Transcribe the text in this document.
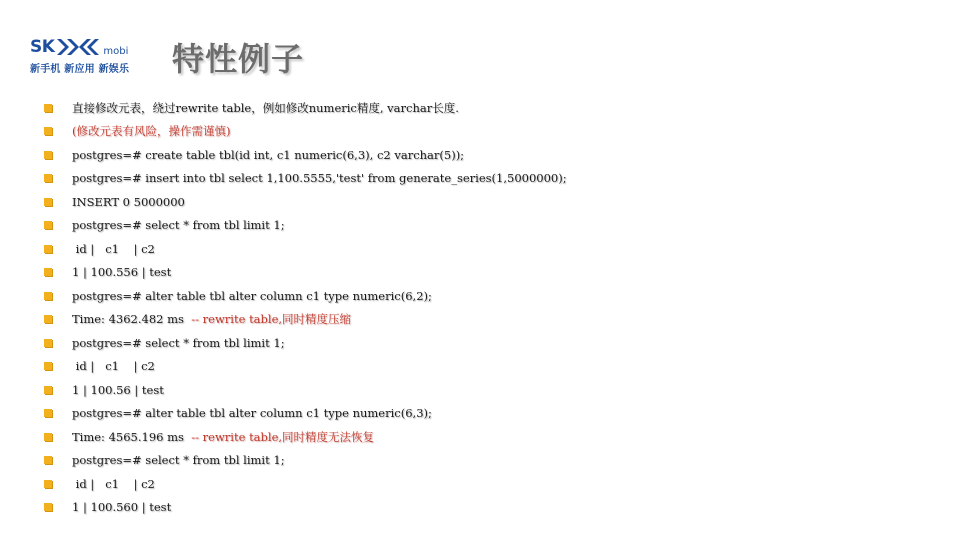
SK	mobi
新手机 新应用 新娱乐 特性例子
直接修改元表，绕过rewrite table，例如修改numeric精度, varchar长度.
(修改元表有风险，操作需谨慎)
postgres=# create table tbl(id int, c1 numeric(6,3), c2 varchar(5));
postgres=# insert into tbl select 1,100.5555,'test' from generate_series(1,5000000);
INSERT 0 5000000
postgres=# select * from tbl limit 1;
id |   c1    | c2
1 | 100.556 | test
postgres=# alter table tbl alter column c1 type numeric(6,2);
Time: 4362.482 ms -- rewrite table,同时精度压缩
postgres=# select * from tbl limit 1;
id |   c1    | c2
1 | 100.56 | test
postgres=# alter table tbl alter column c1 type numeric(6,3);
Time: 4565.196 ms -- rewrite table,同时精度无法恢复
postgres=# select * from tbl limit 1;
id |   c1    | c2
1 | 100.560 | test
